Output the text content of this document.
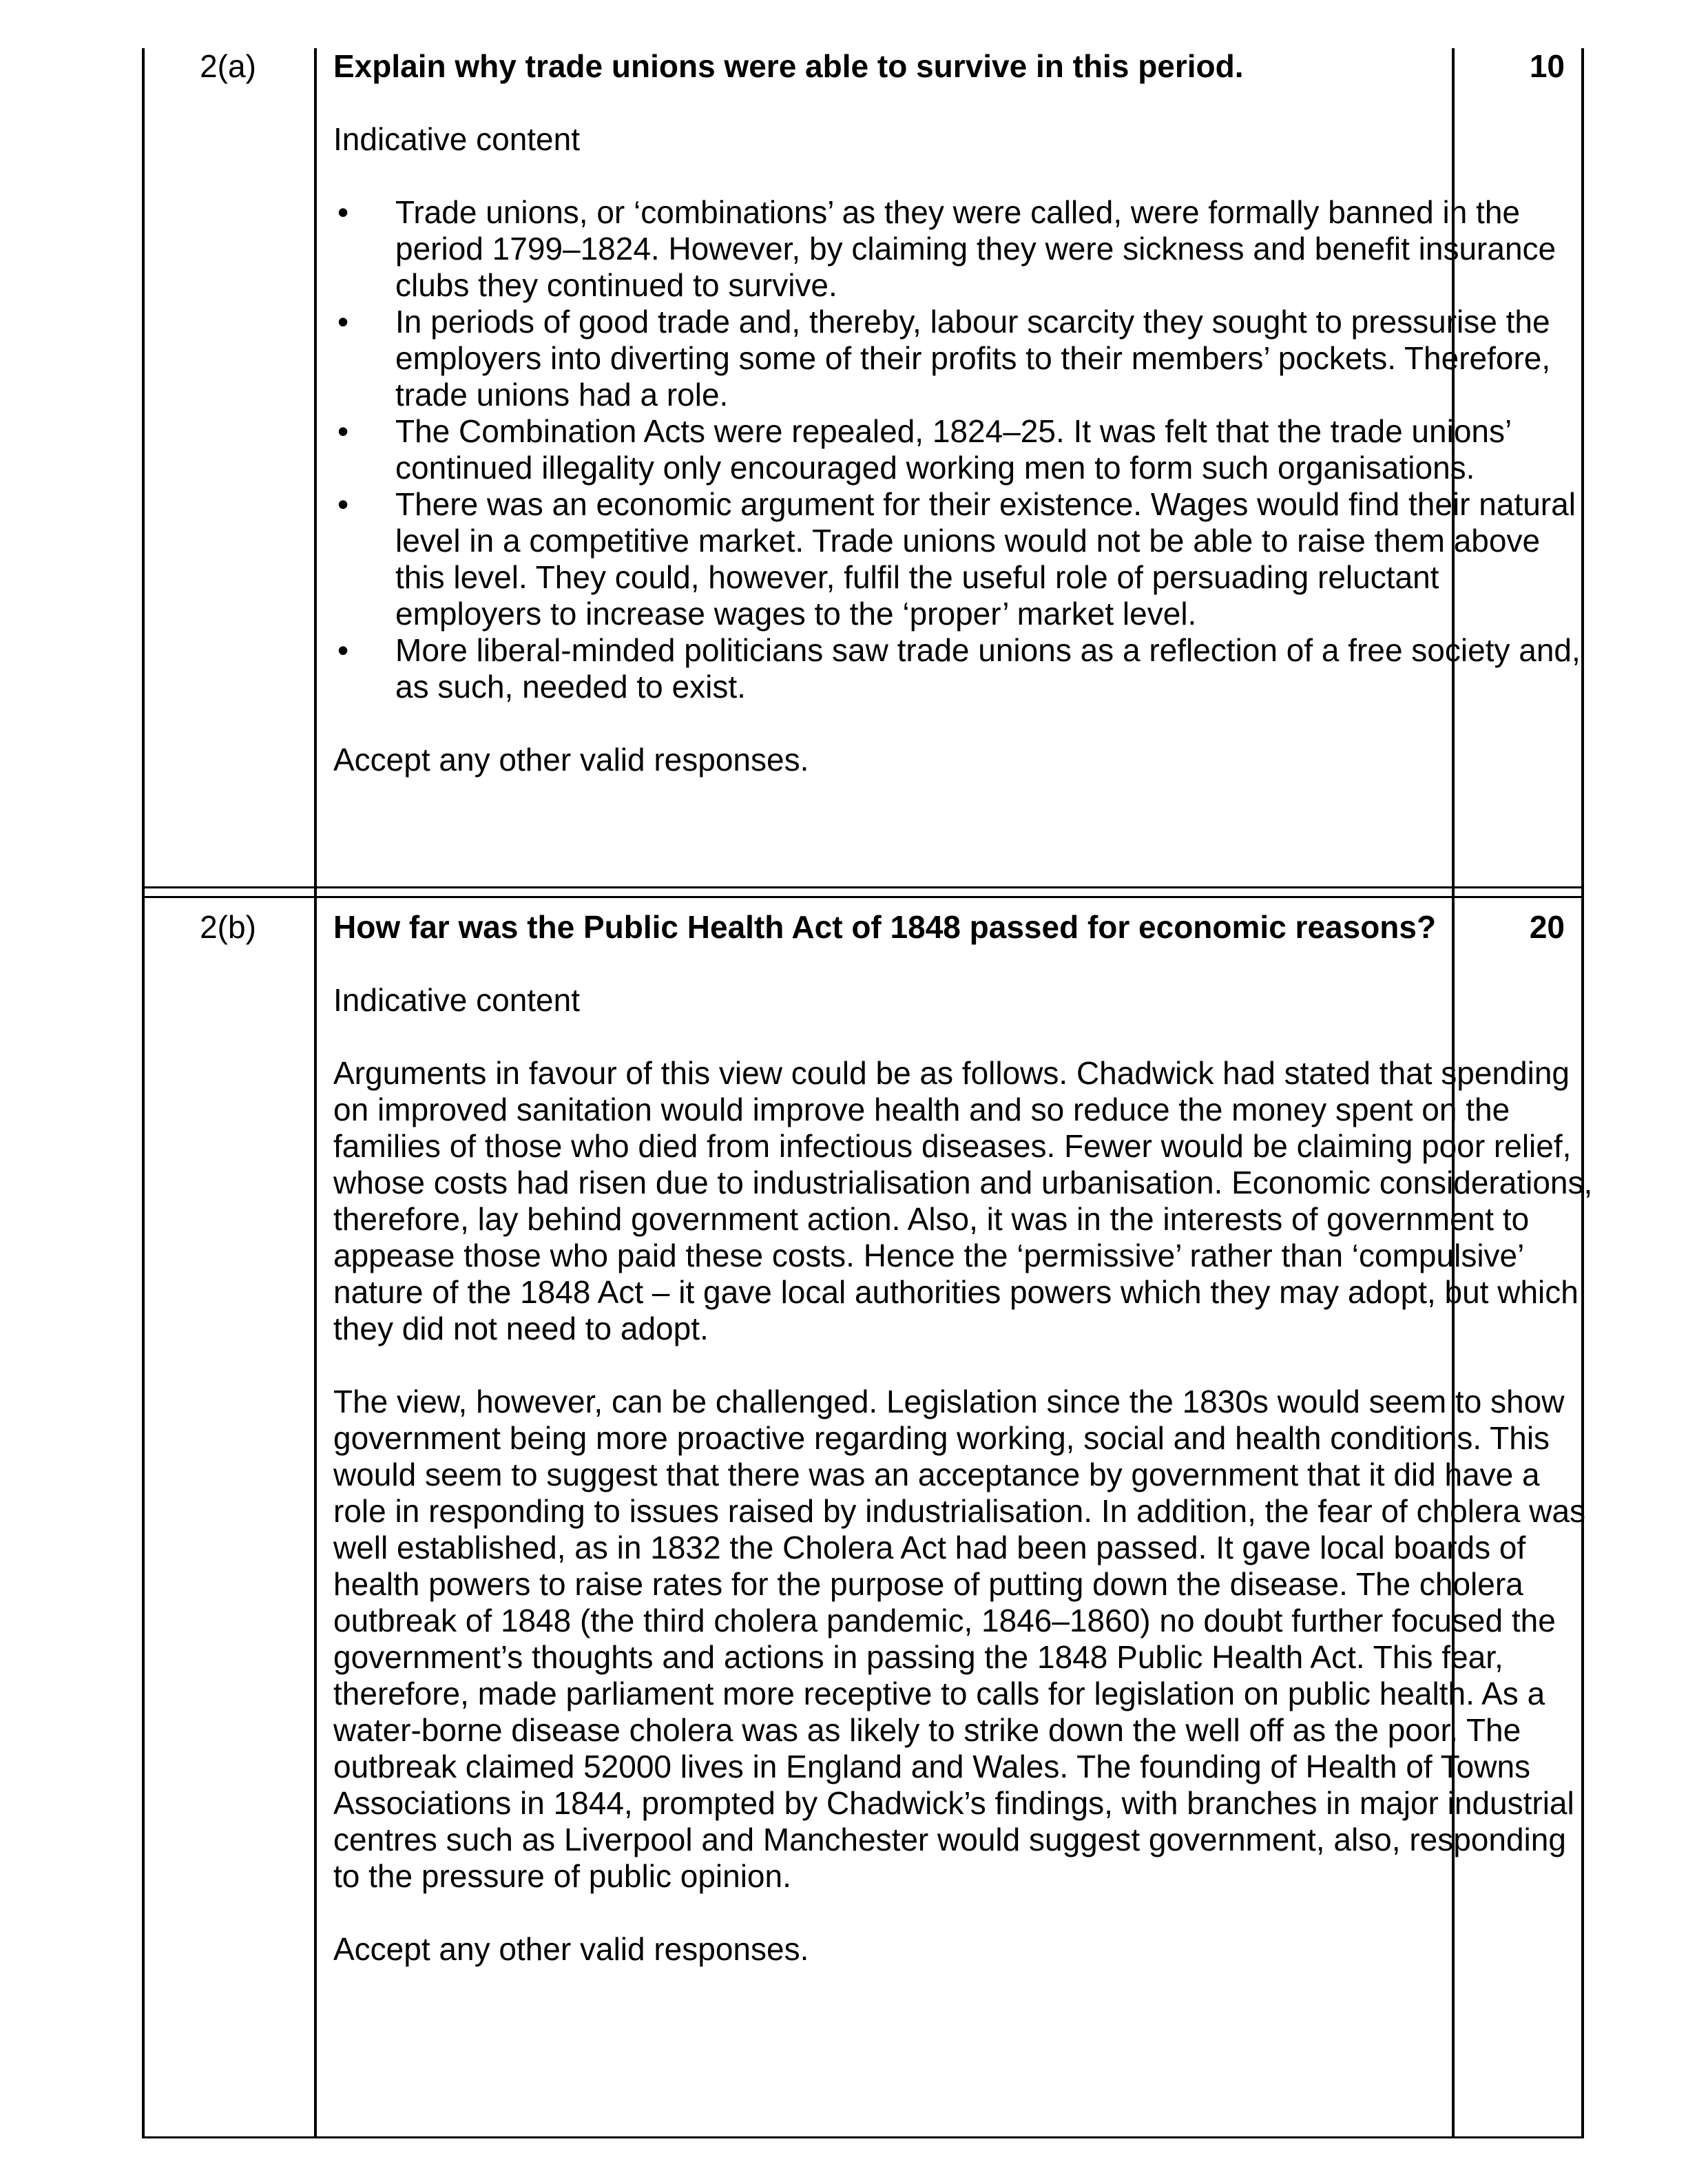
2(a)	Explain why trade unions were able to survive in this period.

Indicative content

• Trade unions, or ‘combinations’ as they were called, were formally banned in the period 1799–1824. However, by claiming they were sickness and benefit insurance clubs they continued to survive.
• In periods of good trade and, thereby, labour scarcity they sought to pressurise the employers into diverting some of their profits to their members’ pockets. Therefore, trade unions had a role.
• The Combination Acts were repealed, 1824–25. It was felt that the trade unions’ continued illegality only encouraged working men to form such organisations.
• There was an economic argument for their existence. Wages would find their natural level in a competitive market. Trade unions would not be able to raise them above this level. They could, however, fulfil the useful role of persuading reluctant employers to increase wages to the ‘proper’ market level.
• More liberal-minded politicians saw trade unions as a reflection of a free society and, as such, needed to exist.

Accept any other valid responses.

10
2(b)	How far was the Public Health Act of 1848 passed for economic reasons?

Indicative content

Arguments in favour of this view could be as follows. Chadwick had stated that spending on improved sanitation would improve health and so reduce the money spent on the families of those who died from infectious diseases. Fewer would be claiming poor relief, whose costs had risen due to industrialisation and urbanisation. Economic considerations, therefore, lay behind government action. Also, it was in the interests of government to appease those who paid these costs. Hence the ‘permissive’ rather than ‘compulsive’ nature of the 1848 Act – it gave local authorities powers which they may adopt, but which they did not need to adopt.

The view, however, can be challenged. Legislation since the 1830s would seem to show government being more proactive regarding working, social and health conditions. This would seem to suggest that there was an acceptance by government that it did have a role in responding to issues raised by industrialisation. In addition, the fear of cholera was well established, as in 1832 the Cholera Act had been passed. It gave local boards of health powers to raise rates for the purpose of putting down the disease. The cholera outbreak of 1848 (the third cholera pandemic, 1846–1860) no doubt further focused the government’s thoughts and actions in passing the 1848 Public Health Act. This fear, therefore, made parliament more receptive to calls for legislation on public health. As a water-borne disease cholera was as likely to strike down the well off as the poor. The outbreak claimed 52000 lives in England and Wales. The founding of Health of Towns Associations in 1844, prompted by Chadwick’s findings, with branches in major industrial centres such as Liverpool and Manchester would suggest government, also, responding to the pressure of public opinion.

Accept any other valid responses.

20
